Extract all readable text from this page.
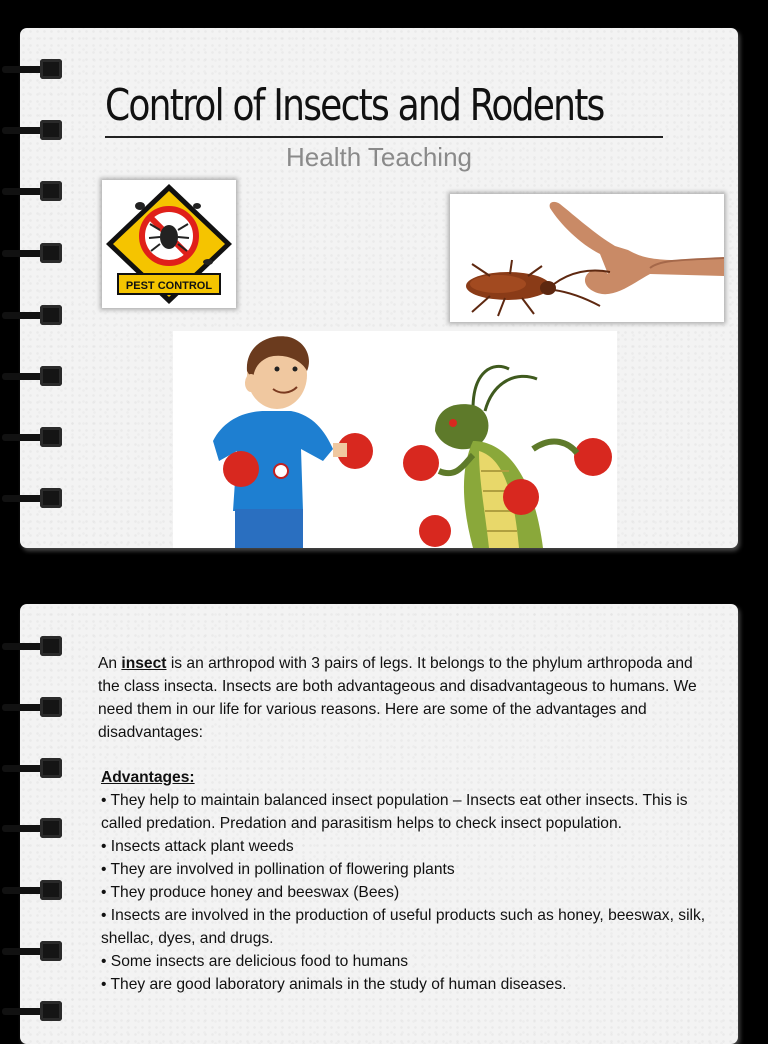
Control of Insects and Rodents
Health Teaching
PEST CONTROL

An insect is an arthropod with 3 pairs of legs. It belongs to the phylum arthropoda and the class insecta. Insects are both advantageous and disadvantageous to humans. We need them in our life for various reasons. Here are some of the advantages and disadvantages:

Advantages:

• They help to maintain balanced insect population – Insects eat other insects. This is called predation. Predation and parasitism helps to check insect population.

• Insects attack plant weeds

• They are involved in pollination of flowering plants

• They produce honey and beeswax (Bees)

• Insects are involved in the production of useful products such as honey, beeswax, silk, shellac, dyes, and drugs.

• Some insects are delicious food to humans

• They are good laboratory animals in the study of human diseases.
